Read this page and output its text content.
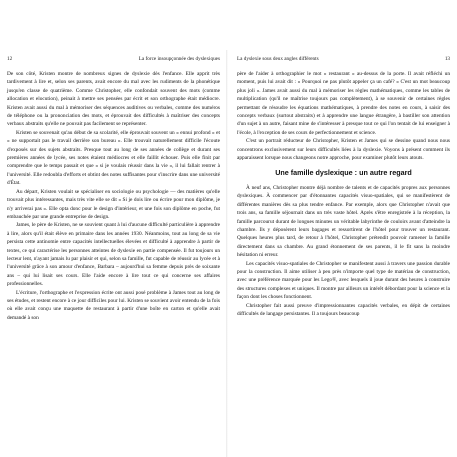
12	La force insoupçonnée des dyslexiques	La dyslexie sous deux angles différents	13

De son côté, Kristen montre de nombreux signes de dyslexie dès l'enfance. Elle apprit très tardivement à lire et, selon ses parents, avait encore du mal avec les rudiments de la phonétique jusqu'en classe de quatrième. Comme Christopher, elle confondait souvent des mots (comme allocation et elocution), peinait à mettre ses pensées par écrit et son orthographe était médiocre. Kristen avait aussi du mal à mémoriser des séquences auditives ou verbales, comme des numéros de téléphone ou la prononciation des mots, et éprouvait des difficultés à maîtriser des concepts verbaux abstraits qu'elle ne pouvait pas facilement se représenter.

Kristen se souvenait qu'au début de sa scolarité, elle éprouvait souvent un « ennui profond » et « ne supportait pas le travail derrière son bureau ». Elle trouvait naturellement difficile l'écoute d'exposés sur des sujets abstraits. Presque tout au long de ses années de collège et durant ses premières années de lycée, ses notes étaient médiocres et elle faillit échouer. Puis elle finit par comprendre que le temps passait et que « si je voulais réussir dans la vie », il lui fallait rentrer à l'université. Elle redoubla d'efforts et obtint des notes suffisantes pour s'inscrire dans une université d'État.

Au départ, Kristen voulait se spécialiser en sociologie ou psychologie — des matières qu'elle trouvait plus intéressantes, mais très vite elle se dit « Si je dois lire ou écrire pour mon diplôme, je n'y arriverai pas ». Elle opta donc pour le design d'intérieur, et une fois son diplôme en poche, fut embauchée par une grande entreprise de design.

James, le père de Kristen, ne se souvient quant à lui d'aucune difficulté particulière à apprendre à lire, alors qu'il était élève en primaire dans les années 1930. Néanmoins, tout au long de sa vie persista cette antinomie entre capacités intellectuelles élevées et difficulté à apprendre à partir de textes, ce qui caractérise les personnes atteintes de dyslexie en partie compensée. Il fut toujours un lecteur lent, n'ayant jamais lu par plaisir et qui, selon sa famille, fut capable de réussir au lycée et à l'université grâce à son amour d'enfance, Barbara – aujourd'hui sa femme depuis près de soixante ans – qui lui lisait ses cours. Elle l'aide encore à lire tout ce qui concerne ses affaires professionnelles.

L'écriture, l'orthographe et l'expression écrite ont aussi posé problème à James tout au long de ses études, et restent encore à ce jour difficiles pour lui. Kristen se souvient avoir entendu de la fois où elle avait conçu une maquette de restaurant à partir d'une boîte en carton et qu'elle avait demandé à son

père de l'aider à orthographier le mot « restaurant » au-dessus de la porte. Il avait réfléchi un moment, puis lui avait dit : « Pourquoi ne pas plutôt appeler ça un café? » C'est un mot beaucoup plus joli ». James avait aussi du mal à mémoriser les règles mathématiques, comme les tables de multiplication (qu'il ne maîtrise toujours pas complètement), à se souvenir de certaines règles permettant de résoudre les équations mathématiques, à prendre des notes en cours, à saisir des concepts verbaux (surtout abstraits) et à apprendre une langue étrangère, à bastiller son attention d'un sujet à un autre, faisant mine de s'intéresser à presque tout ce qui l'on tentait de lui enseigner à l'école, à l'exception de ses cours de perfectionnement et science.

C'est un portrait réducteur de Christopher, Kristen et James qui se dessine quand nous nous concentrons exclusivement sur leurs difficultés liées à la dyslexie. Voyons à présent comment ils apparaissent lorsque nous changeons notre approche, pour examiner plutôt leurs atouts.

Une famille dyslexique : un autre regard

À neuf ans, Christopher montre déjà nombre de talents et de capacités propres aux personnes dyslexiques. À commencer par d'étonnantes capacités visuo-spatiales, qui se manifestèrent de différentes manières dès sa plus tendre enfance. Par exemple, alors que Christopher n'avait que trois ans, sa famille séjournait dans un très vaste hôtel. Après s'être enregistrée à la réception, la famille parcourut durant de longues minutes un véritable labyrinthe de couloirs avant d'atteindre la chambre. Ils y déposèrent leurs bagages et ressortirent de l'hôtel pour trouver un restaurant. Quelques heures plus tard, de retour à l'hôtel, Christopher prétendit pouvoir ramener la famille directement dans sa chambre. Au grand étonnement de ses parents, il le fit sans la moindre hésitation ni erreur.

Les capacités visuo-spatiales de Christopher se manifestent aussi à travers une passion durable pour la construction. Il aime utiliser à peu près n'importe quel type de matériau de construction, avec une préférence marquée pour les Lego®, avec lesquels il joue durant des heures à construire des structures complexes et uniques. Il montre par ailleurs un intérêt débordant pour la science et la façon dont les choses fonctionnent.

Christopher fait aussi preuve d'impressionnantes capacités verbales, en dépit de certaines difficultés de langage persistantes. Il a toujours beaucoup
